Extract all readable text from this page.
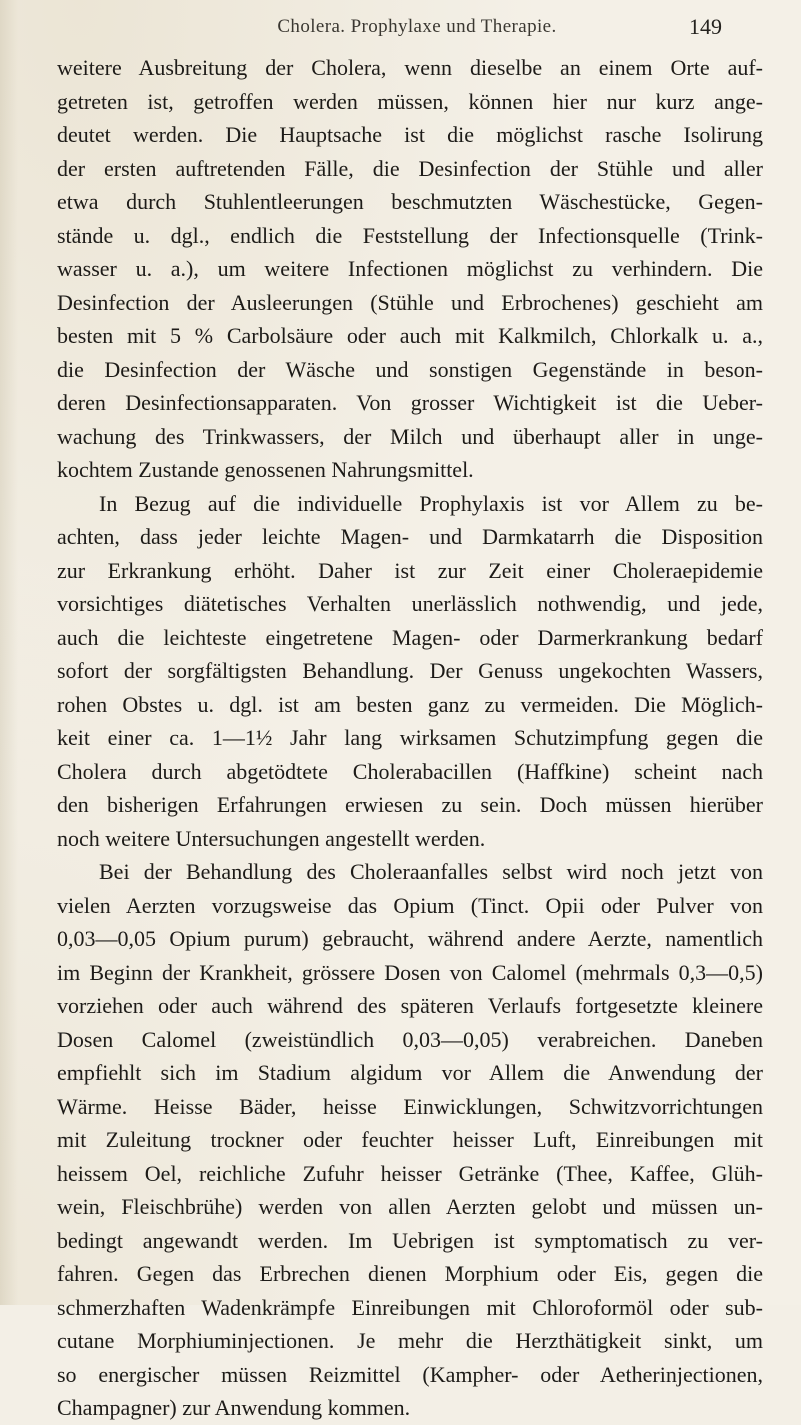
Cholera. Prophylaxe und Therapie.	149
weitere Ausbreitung der Cholera, wenn dieselbe an einem Orte auf-
getreten ist, getroffen werden müssen, können hier nur kurz ange-
deutet werden. Die Hauptsache ist die möglichst rasche Isolirung
der ersten auftretenden Fälle, die Desinfection der Stühle und aller
etwa durch Stuhlentleerungen beschmutzten Wäschestücke, Gegen-
stände u. dgl., endlich die Feststellung der Infectionsquelle (Trink-
wasser u. a.), um weitere Infectionen möglichst zu verhindern. Die
Desinfection der Ausleerungen (Stühle und Erbrochenes) geschieht am
besten mit 5 % Carbolsäure oder auch mit Kalkmilch, Chlorkalk u. a.,
die Desinfection der Wäsche und sonstigen Gegenstände in beson-
deren Desinfectionsapparaten. Von grosser Wichtigkeit ist die Ueber-
wachung des Trinkwassers, der Milch und überhaupt aller in unge-
kochtem Zustande genossenen Nahrungsmittel.
In Bezug auf die individuelle Prophylaxis ist vor Allem zu be-
achten, dass jeder leichte Magen- und Darmkatarrh die Disposition
zur Erkrankung erhöht. Daher ist zur Zeit einer Choleraepidemie
vorsichtiges diätetisches Verhalten unerlässlich nothwendig, und jede,
auch die leichteste eingetretene Magen- oder Darmerkrankung bedarf
sofort der sorgfältigsten Behandlung. Der Genuss ungekochten Wassers,
rohen Obstes u. dgl. ist am besten ganz zu vermeiden. Die Möglich-
keit einer ca. 1—1½ Jahr lang wirksamen Schutzimpfung gegen die
Cholera durch abgetödtete Cholerabacillen (Haffkine) scheint nach
den bisherigen Erfahrungen erwiesen zu sein. Doch müssen hierüber
noch weitere Untersuchungen angestellt werden.
Bei der Behandlung des Choleraanfalles selbst wird noch jetzt von
vielen Aerzten vorzugsweise das Opium (Tinct. Opii oder Pulver von
0,03—0,05 Opium purum) gebraucht, während andere Aerzte, namentlich
im Beginn der Krankheit, grössere Dosen von Calomel (mehrmals 0,3—0,5)
vorziehen oder auch während des späteren Verlaufs fortgesetzte kleinere
Dosen Calomel (zweistündlich 0,03—0,05) verabreichen. Daneben
empfiehlt sich im Stadium algidum vor Allem die Anwendung der
Wärme. Heisse Bäder, heisse Einwicklungen, Schwitzvorrichtungen
mit Zuleitung trockner oder feuchter heisser Luft, Einreibungen mit
heissem Oel, reichliche Zufuhr heisser Getränke (Thee, Kaffee, Glüh-
wein, Fleischbrühe) werden von allen Aerzten gelobt und müssen un-
bedingt angewandt werden. Im Uebrigen ist symptomatisch zu ver-
fahren. Gegen das Erbrechen dienen Morphium oder Eis, gegen die
schmerzhaften Wadenkrämpfe Einreibungen mit Chloroformöl oder sub-
cutane Morphiuminjectionen. Je mehr die Herzthätigkeit sinkt, um
so energischer müssen Reizmittel (Kampher- oder Aetherinjectionen,
Champagner) zur Anwendung kommen.
